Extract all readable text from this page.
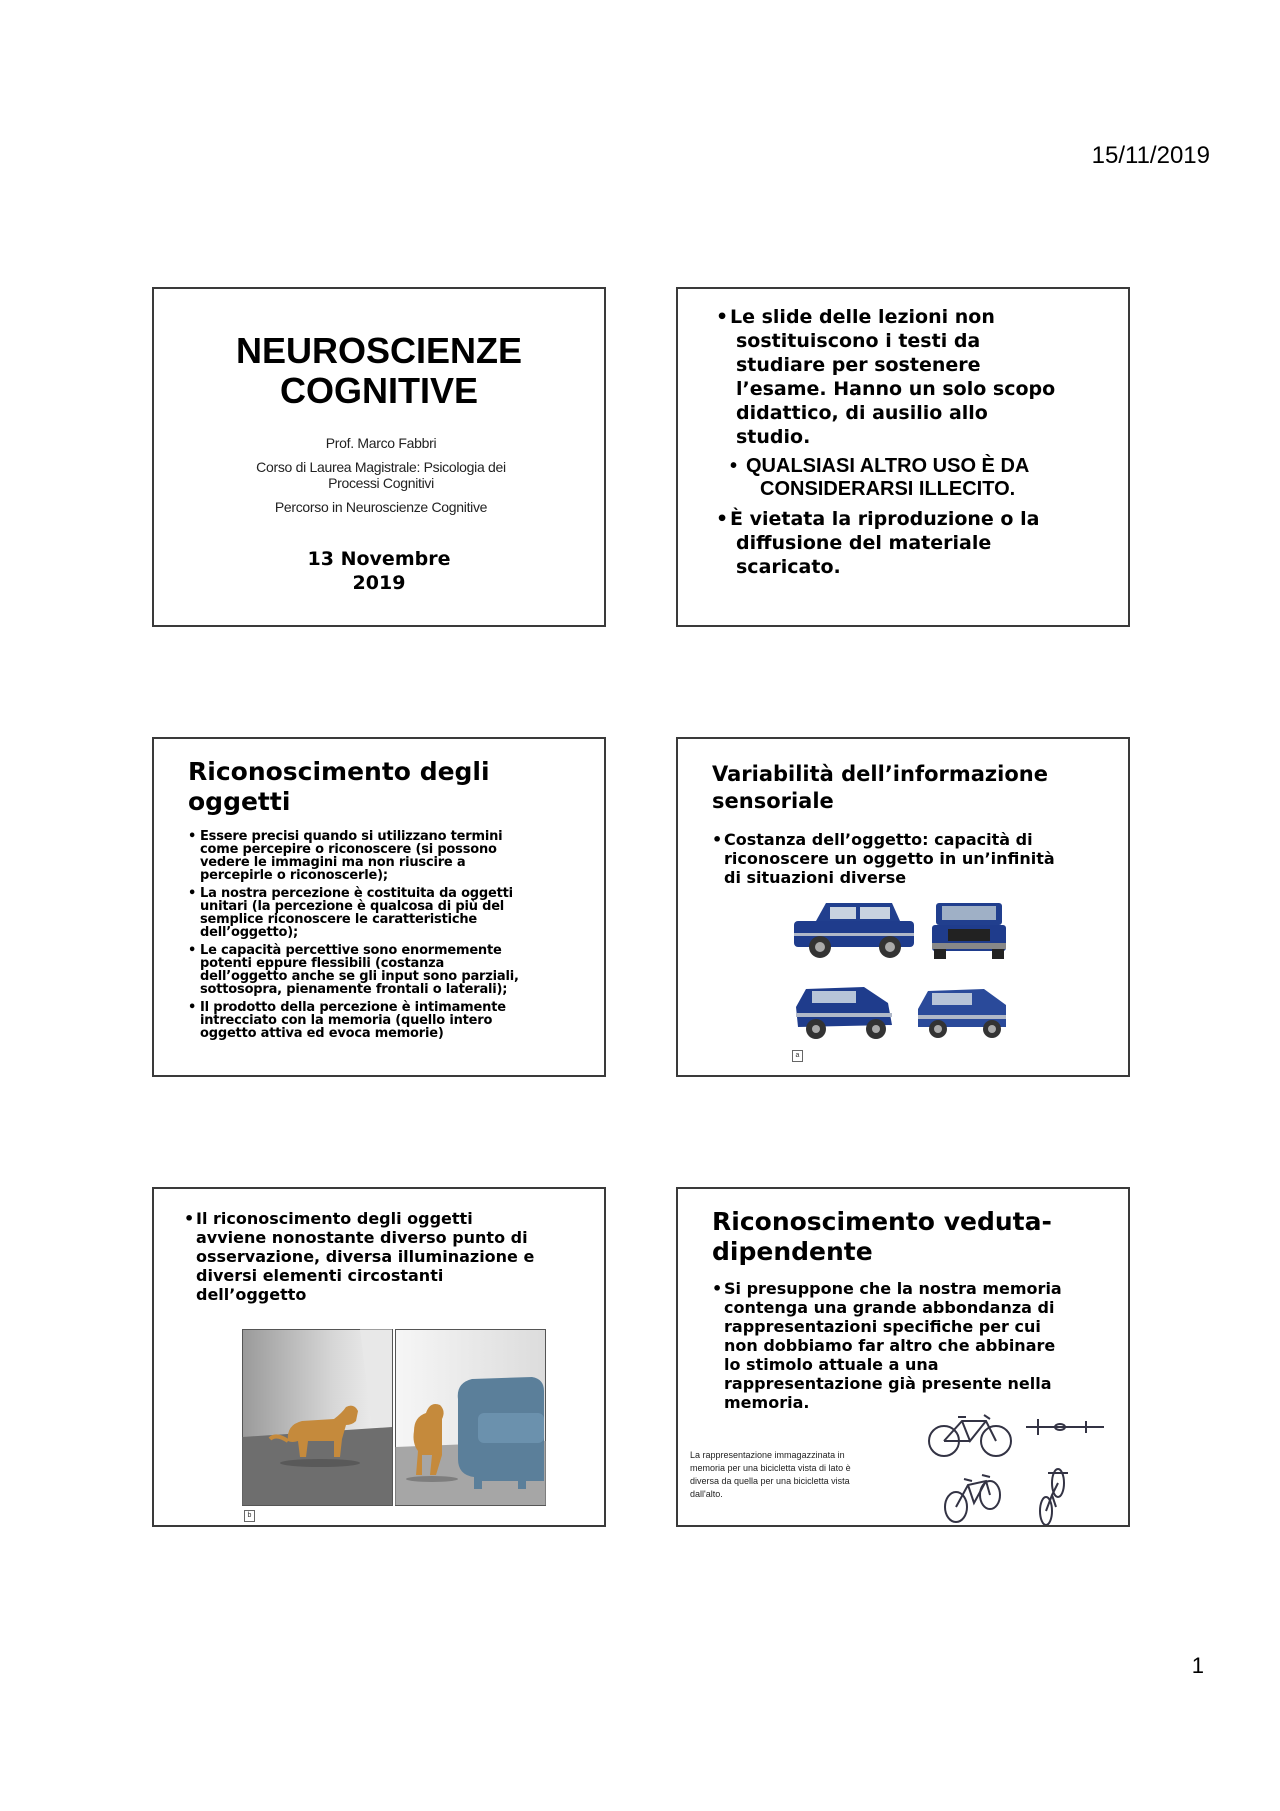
15/11/2019
NEUROSCIENZE
COGNITIVE
Prof. Marco Fabbri
Corso di Laurea Magistrale: Psicologia dei
Processi Cognitivi
Percorso in Neuroscienze Cognitive
13 Novembre
2019
• Le slide delle lezioni non
sostituiscono i testi da
studiare per sostenere
l’esame. Hanno un solo scopo
didattico, di ausilio allo
studio.
• QUALSIASI ALTRO USO È DA
CONSIDERARSI ILLECITO.
• È vietata la riproduzione o la
diffusione del materiale
scaricato.
Riconoscimento degli
oggetti
• Essere precisi quando si utilizzano termini
come percepire o riconoscere (si possono
vedere le immagini ma non riuscire a
percepirle o riconoscerle);
• La nostra percezione è costituita da oggetti
unitari (la percezione è qualcosa di più del
semplice riconoscere le caratteristiche
dell’oggetto);
• Le capacità percettive sono enormemente
potenti eppure flessibili (costanza
dell’oggetto anche se gli input sono parziali,
sottosopra, pienamente frontali o laterali);
• Il prodotto della percezione è intimamente
intrecciato con la memoria (quello intero
oggetto attiva ed evoca memorie)
Variabilità dell’informazione
sensoriale
• Costanza dell’oggetto: capacità di
riconoscere un oggetto in un’infinità
di situazioni diverse
a
• Il riconoscimento degli oggetti
avviene nonostante diverso punto di
osservazione, diversa illuminazione e
diversi elementi circostanti
dell’oggetto
b
Riconoscimento veduta-
dipendente
• Si presuppone che la nostra memoria
contenga una grande abbondanza di
rappresentazioni specifiche per cui
non dobbiamo far altro che abbinare
lo stimolo attuale a una
rappresentazione già presente nella
memoria.
La rappresentazione immagazzinata in
memoria per una bicicletta vista di lato è
diversa da quella per una bicicletta vista
dall'alto.
1
